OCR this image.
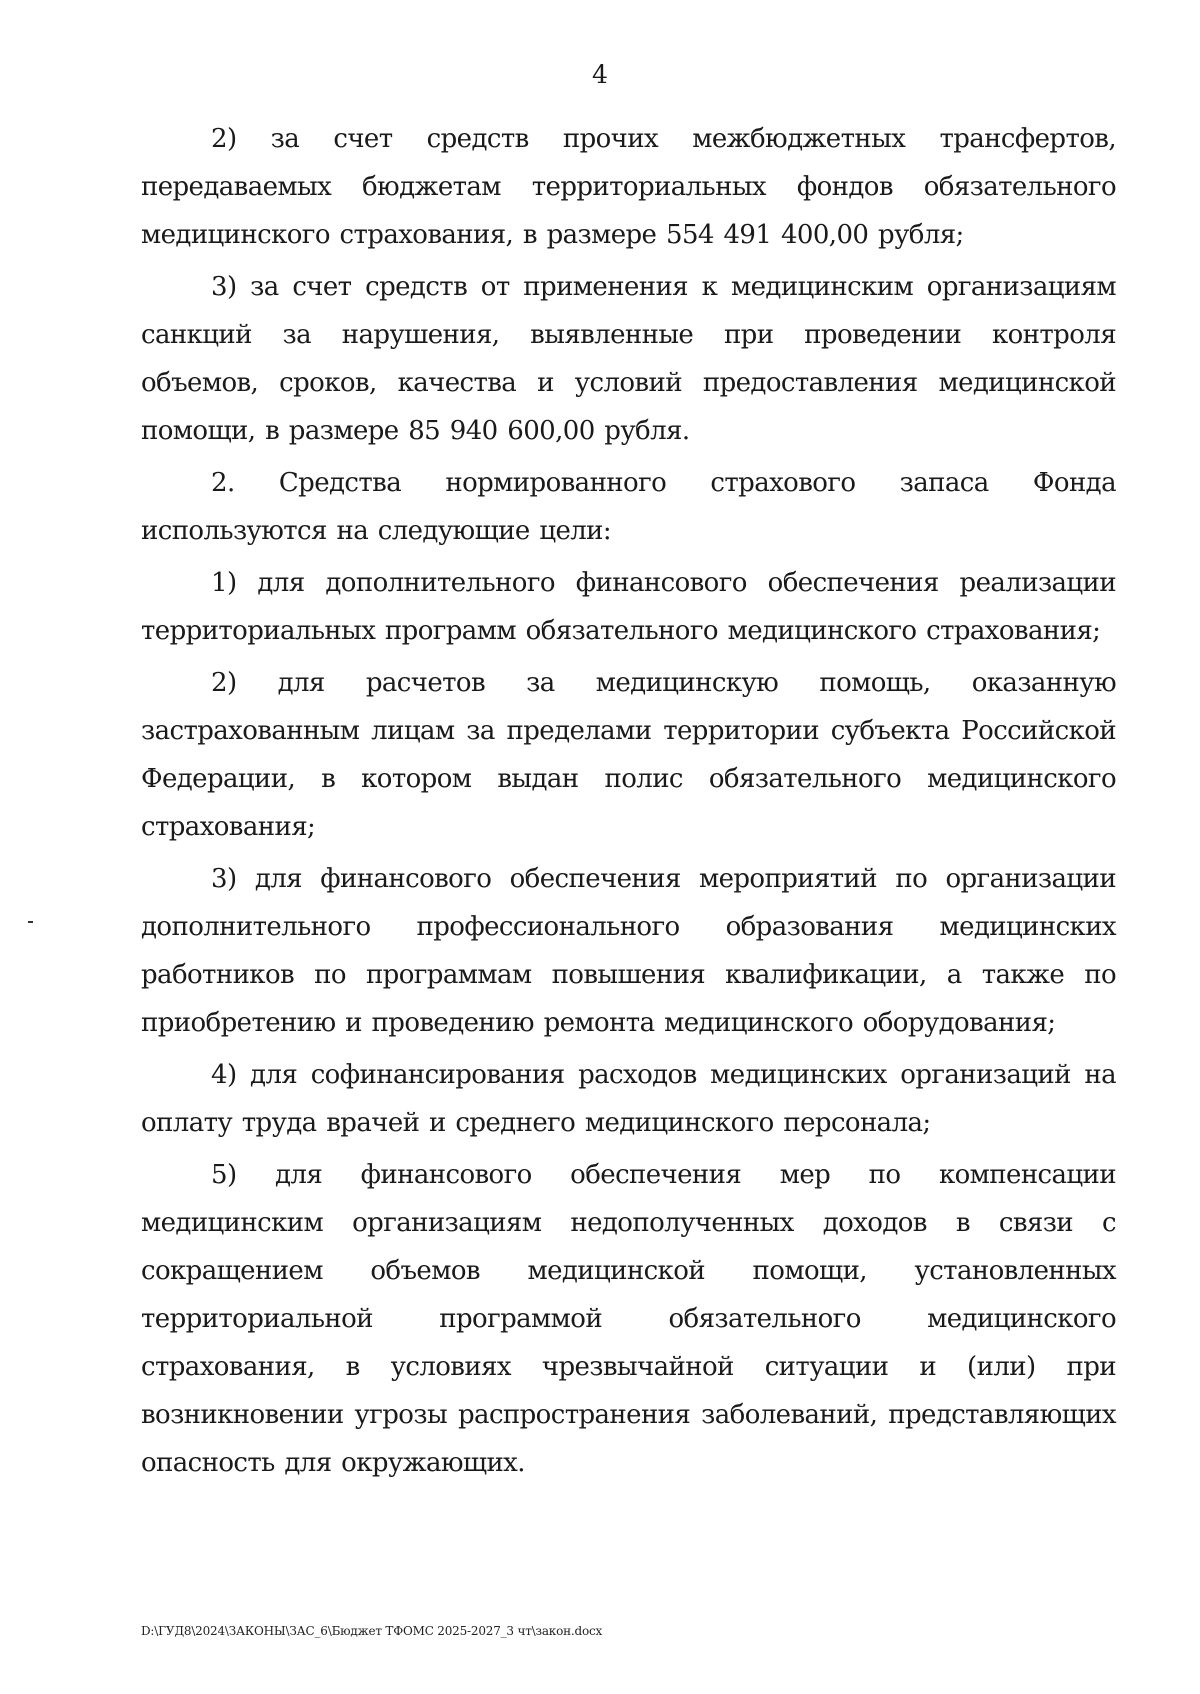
4

2) за счет средств прочих межбюджетных трансфертов, передаваемых бюджетам территориальных фондов обязательного медицинского страхования, в размере 554 491 400,00 рубля;

3) за счет средств от применения к медицинским организациям санкций за нарушения, выявленные при проведении контроля объемов, сроков, качества и условий предоставления медицинской помощи, в размере 85 940 600,00 рубля.

2. Средства нормированного страхового запаса Фонда используются на следующие цели:

1) для дополнительного финансового обеспечения реализации территориальных программ обязательного медицинского страхования;

2) для расчетов за медицинскую помощь, оказанную застрахованным лицам за пределами территории субъекта Российской Федерации, в котором выдан полис обязательного медицинского страхования;

3) для финансового обеспечения мероприятий по организации дополнительного профессионального образования медицинских работников по программам повышения квалификации, а также по приобретению и проведению ремонта медицинского оборудования;

4) для софинансирования расходов медицинских организаций на оплату труда врачей и среднего медицинского персонала;

5) для финансового обеспечения мер по компенсации медицинским организациям недополученных доходов в связи с сокращением объемов медицинской помощи, установленных территориальной программой обязательного медицинского страхования, в условиях чрезвычайной ситуации и (или) при возникновении угрозы распространения заболеваний, представляющих опасность для окружающих.

D:\ГУД8\2024\ЗАКОНЫ\ЗАС_6\Бюджет ТФОМС 2025-2027_3 чт\закон.docx
